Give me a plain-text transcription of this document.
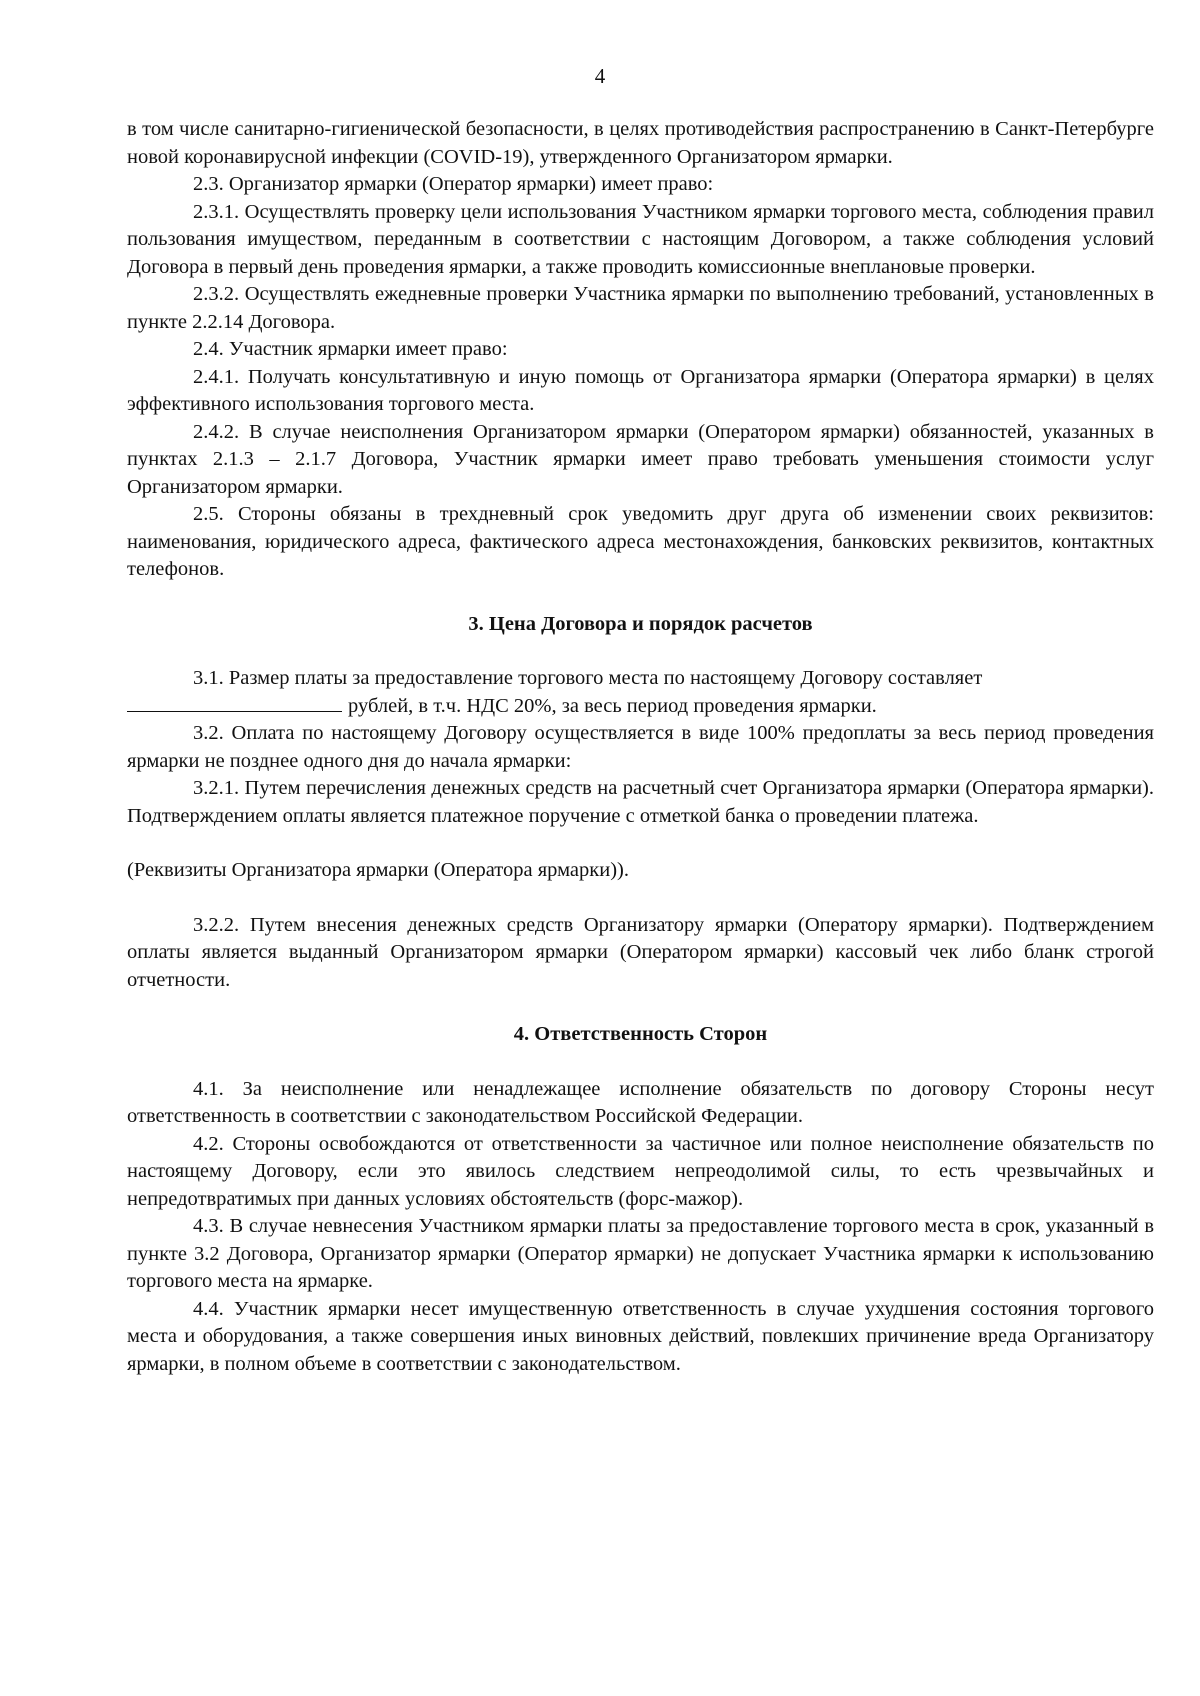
4

в том числе санитарно-гигиенической безопасности, в целях противодействия распространению в Санкт-Петербурге новой коронавирусной инфекции (COVID-19), утвержденного Организатором ярмарки.

2.3. Организатор ярмарки (Оператор ярмарки) имеет право:

2.3.1. Осуществлять проверку цели использования Участником ярмарки торгового места, соблюдения правил пользования имуществом, переданным в соответствии с настоящим Договором, а также соблюдения условий Договора в первый день проведения ярмарки, а также проводить комиссионные внеплановые проверки.

2.3.2. Осуществлять ежедневные проверки Участника ярмарки по выполнению требований, установленных в пункте 2.2.14 Договора.

2.4. Участник ярмарки имеет право:

2.4.1. Получать консультативную и иную помощь от Организатора ярмарки (Оператора ярмарки) в целях эффективного использования торгового места.

2.4.2. В случае неисполнения Организатором ярмарки (Оператором ярмарки) обязанностей, указанных в пунктах 2.1.3 – 2.1.7 Договора, Участник ярмарки имеет право требовать уменьшения стоимости услуг Организатором ярмарки.

2.5. Стороны обязаны в трехдневный срок уведомить друг друга об изменении своих реквизитов: наименования, юридического адреса, фактического адреса местонахождения, банковских реквизитов, контактных телефонов.

3. Цена Договора и порядок расчетов

3.1. Размер платы за предоставление торгового места по настоящему Договору составляет

рублей, в т.ч. НДС 20%, за весь период проведения ярмарки.

3.2. Оплата по настоящему Договору осуществляется в виде 100% предоплаты за весь период проведения ярмарки не позднее одного дня до начала ярмарки:

3.2.1. Путем перечисления денежных средств на расчетный счет Организатора ярмарки (Оператора ярмарки). Подтверждением оплаты является платежное поручение с отметкой банка о проведении платежа.

(Реквизиты Организатора ярмарки (Оператора ярмарки)).

3.2.2. Путем внесения денежных средств Организатору ярмарки (Оператору ярмарки). Подтверждением оплаты является выданный Организатором ярмарки (Оператором ярмарки) кассовый чек либо бланк строгой отчетности.

4. Ответственность Сторон

4.1. За неисполнение или ненадлежащее исполнение обязательств по договору Стороны несут ответственность в соответствии с законодательством Российской Федерации.

4.2. Стороны освобождаются от ответственности за частичное или полное неисполнение обязательств по настоящему Договору, если это явилось следствием непреодолимой силы, то есть чрезвычайных и непредотвратимых при данных условиях обстоятельств (форс-мажор).

4.3. В случае невнесения Участником ярмарки платы за предоставление торгового места в срок, указанный в пункте 3.2 Договора, Организатор ярмарки (Оператор ярмарки) не допускает Участника ярмарки к использованию торгового места на ярмарке.

4.4. Участник ярмарки несет имущественную ответственность в случае ухудшения состояния торгового места и оборудования, а также совершения иных виновных действий, повлекших причинение вреда Организатору ярмарки, в полном объеме в соответствии с законодательством.
